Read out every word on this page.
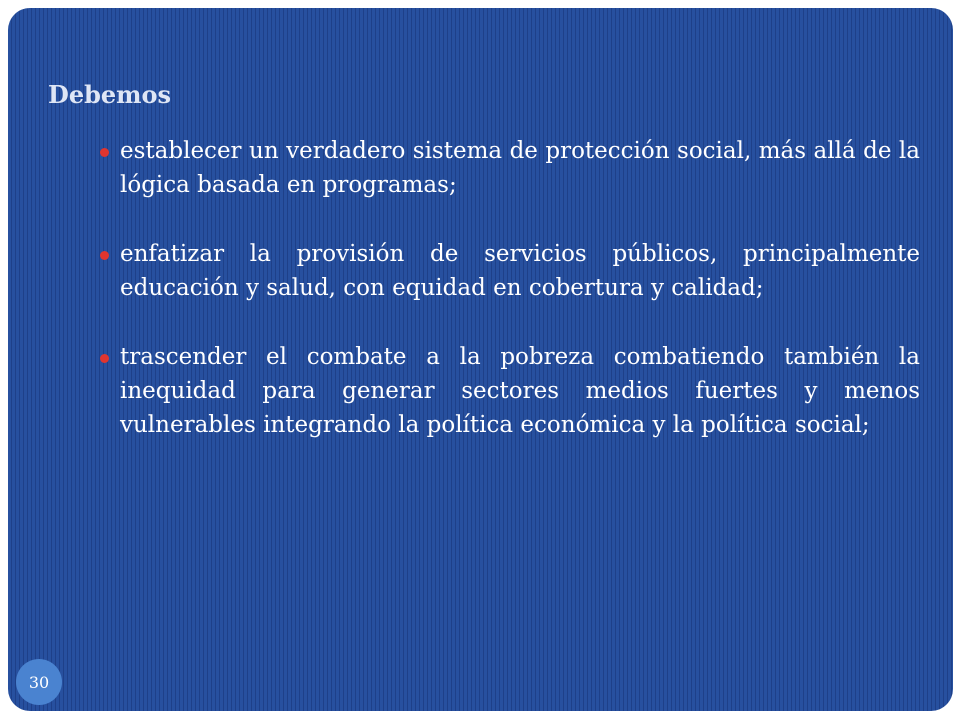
Debemos
establecer un verdadero sistema de protección social, más allá de la lógica basada en programas;
enfatizar la provisión de servicios públicos, principalmente educación y salud, con equidad en cobertura y calidad;
trascender el combate a la pobreza combatiendo también la inequidad para generar sectores medios fuertes y menos vulnerables integrando la política económica y la política social;
30
